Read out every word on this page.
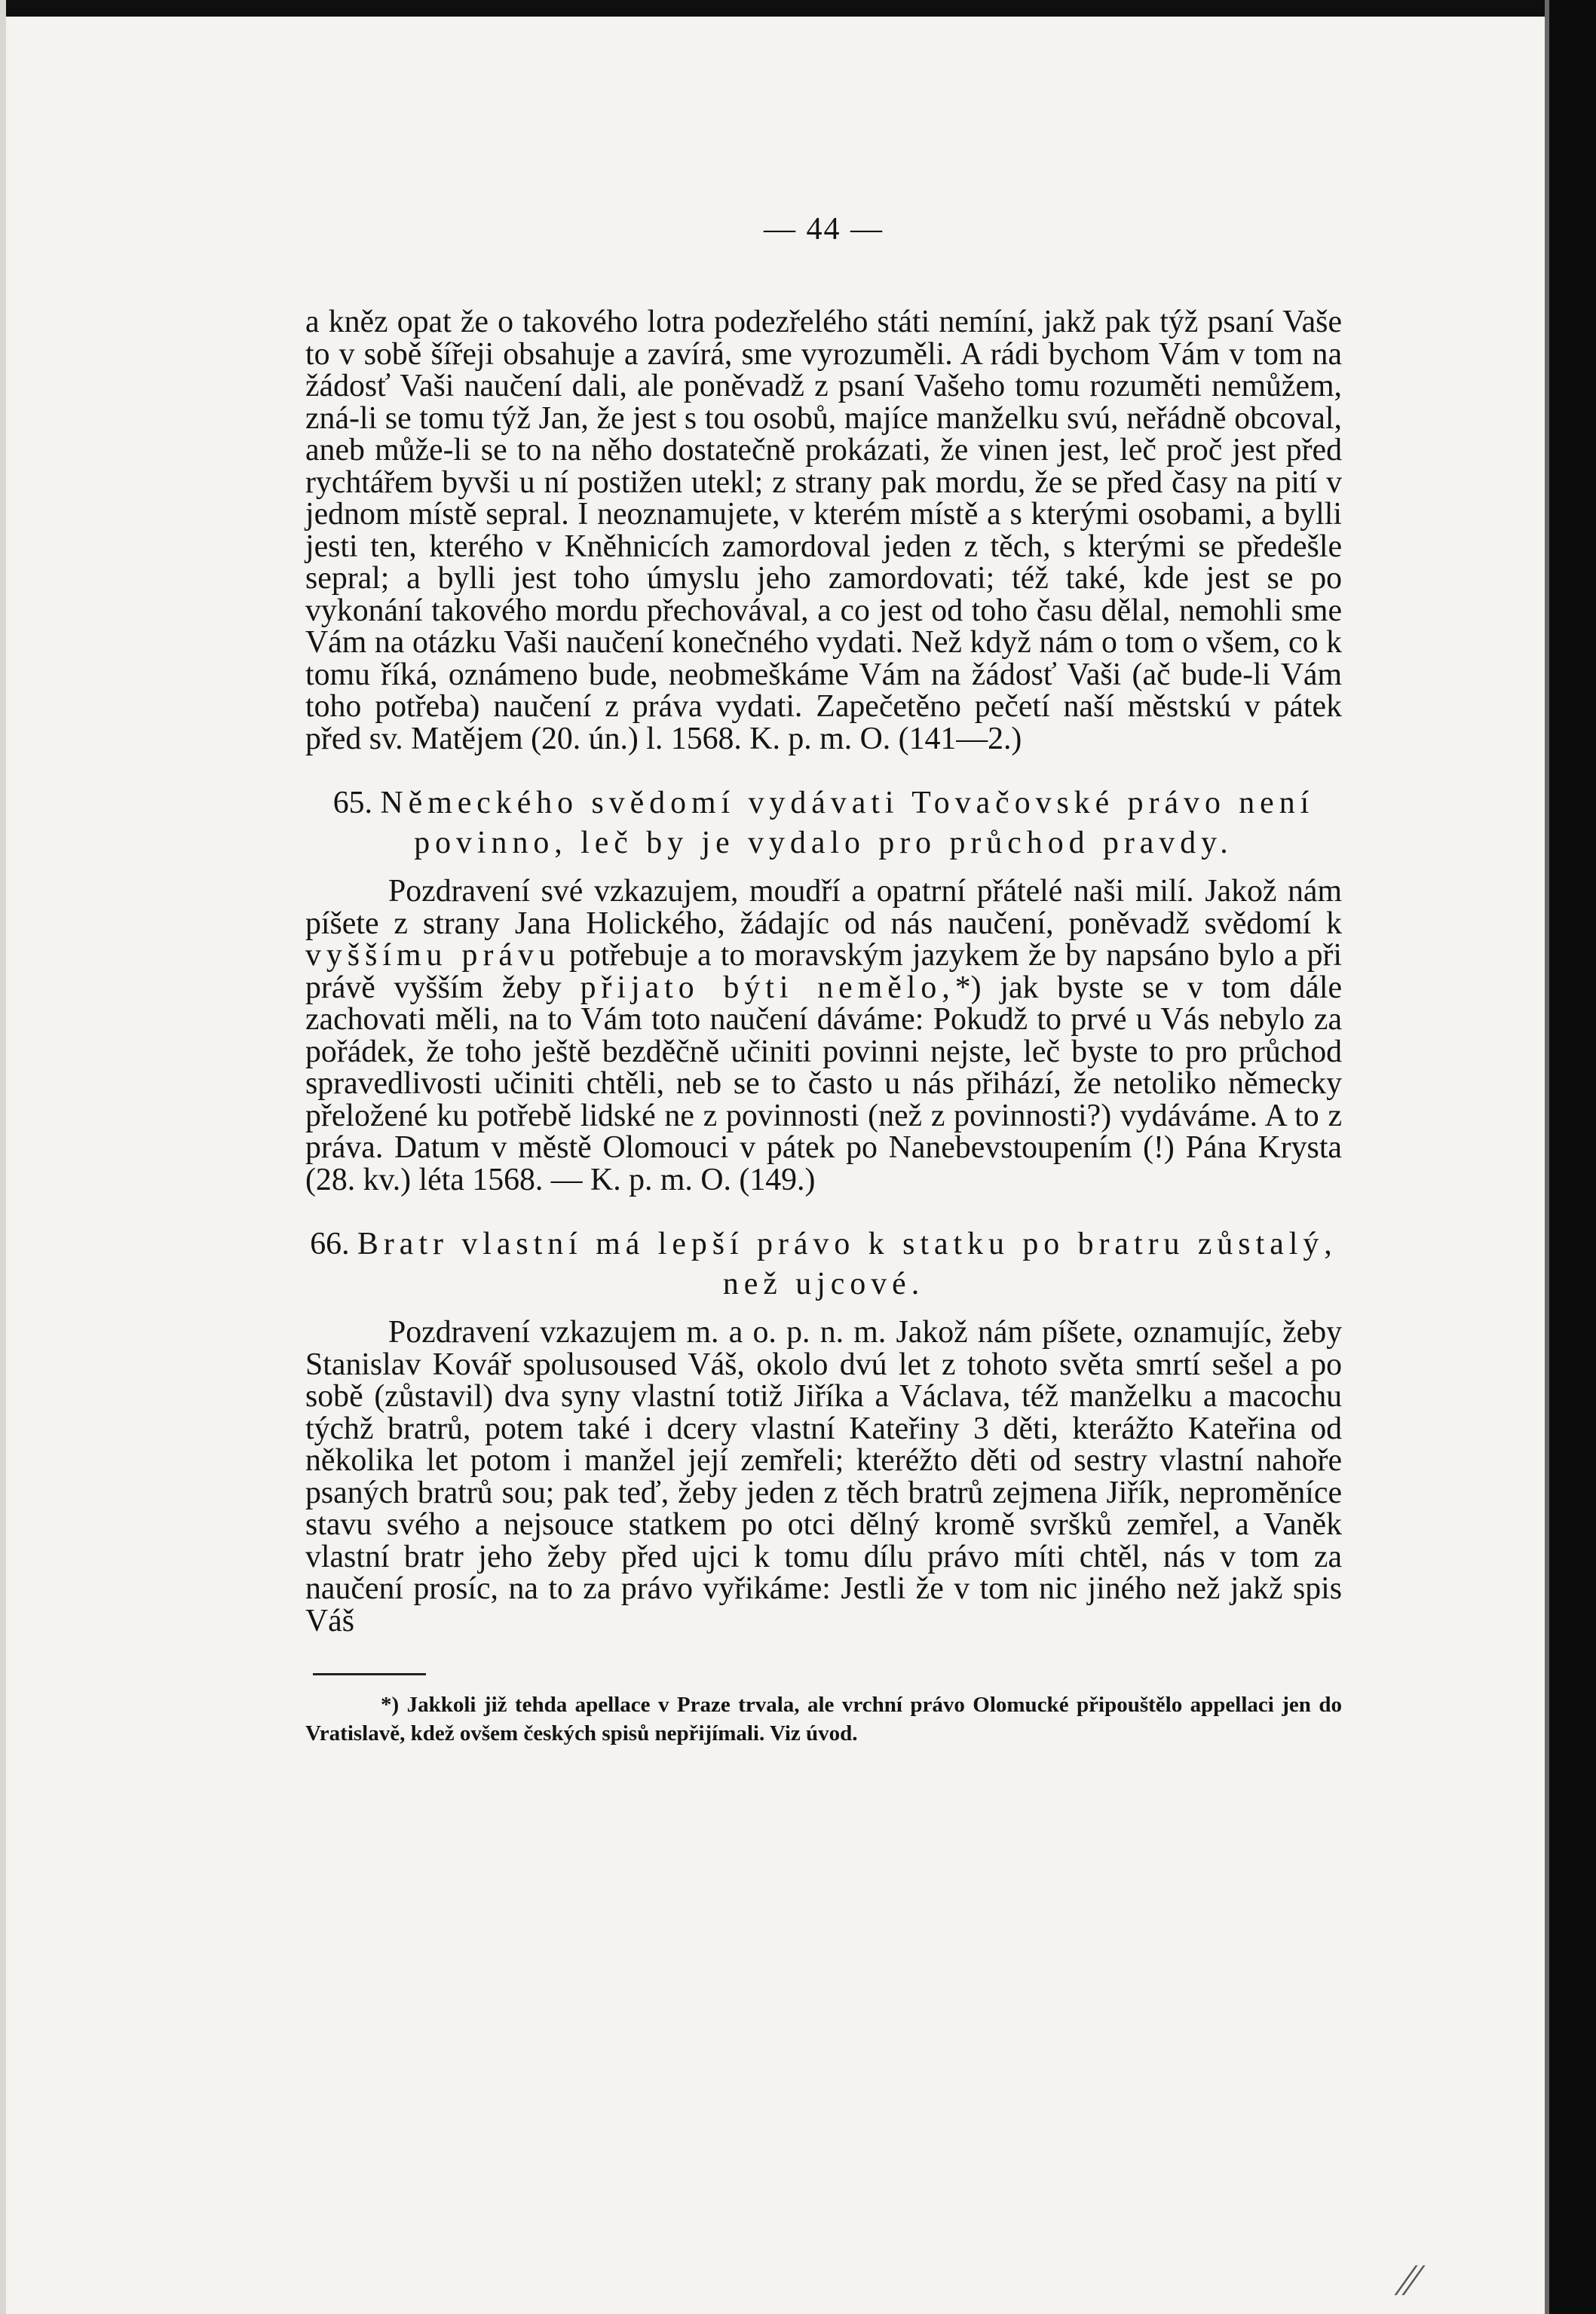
— 44 —

a kněz opat že o takového lotra podezřelého státi nemíní, jakž pak týž psaní Vaše to v sobě šířeji obsahuje a zavírá, sme vyrozuměli. A rádi bychom Vám v tom na žádosť Vaši naučení dali, ale poněvadž z psaní Vašeho tomu rozuměti nemůžem, zná-li se tomu týž Jan, že jest s tou osobů, majíce manželku svú, neřádně obcoval, aneb může-li se to na něho dostatečně prokázati, že vinen jest, leč proč jest před rychtářem byvši u ní postižen utekl; z strany pak mordu, že se před časy na pití v jednom místě sepral. I neoznamujete, v kterém místě a s kterými osobami, a bylli jesti ten, kterého v Kněhnicích zamordoval jeden z těch, s kterými se předešle sepral; a bylli jest toho úmyslu jeho zamordovati; též také, kde jest se po vykonání takového mordu přechovával, a co jest od toho času dělal, nemohli sme Vám na otázku Vaši naučení konečného vydati. Než když nám o tom o všem, co k tomu říká, oznámeno bude, neobmeškáme Vám na žádosť Vaši (ač bude-li Vám toho potřeba) naučení z práva vydati. Zapečetěno pečetí naší městskú v pátek před sv. Matějem (20. ún.) l. 1568. K. p. m. O. (141—2.)

65. Německého svědomí vydávati Tovačovské právo není povinno, leč by je vydalo pro průchod pravdy.

Pozdravení své vzkazujem, moudří a opatrní přátelé naši milí. Jakož nám píšete z strany Jana Holického, žádajíc od nás naučení, poněvadž svědomí k vyššímu právu potřebuje a to moravským jazykem že by napsáno bylo a při právě vyšším žeby přijato býti nemělo,*) jak byste se v tom dále zachovati měli, na to Vám toto naučení dáváme: Pokudž to prvé u Vás nebylo za pořádek, že toho ještě bezděčně učiniti povinni nejste, leč byste to pro průchod spravedlivosti učiniti chtěli, neb se to často u nás přihází, že netoliko německy přeložené ku potřebě lidské ne z povinnosti (než z povinnosti?) vydáváme. A to z práva. Datum v městě Olomouci v pátek po Nanebevstoupením (!) Pána Krysta (28. kv.) léta 1568. — K. p. m. O. (149.)

66. Bratr vlastní má lepší právo k statku po bratru zůstalý, než ujcové.

Pozdravení vzkazujem m. a o. p. n. m. Jakož nám píšete, oznamujíc, žeby Stanislav Kovář spolusoused Váš, okolo dvú let z tohoto světa smrtí sešel a po sobě (zůstavil) dva syny vlastní totiž Jiříka a Václava, též manželku a macochu týchž bratrů, potem také i dcery vlastní Kateřiny 3 děti, kterážto Kateřina od několika let potom i manžel její zemřeli; kteréžto děti od sestry vlastní nahoře psaných bratrů sou; pak teď, žeby jeden z těch bratrů zejmena Jiřík, nepromĕníce stavu svého a nejsouce statkem po otci dělný kromě svršků zemřel, a Vaněk vlastní bratr jeho žeby před ujci k tomu dílu právo míti chtěl, nás v tom za naučení prosíc, na to za právo vyřikáme: Jestli že v tom nic jiného než jakž spis Váš

*) Jakkoli již tehda apellace v Praze trvala, ale vrchní právo Olomucké připouštělo appellaci jen do Vratislavě, kdež ovšem českých spisů nepřijímali. Viz úvod.

⁄⁄
